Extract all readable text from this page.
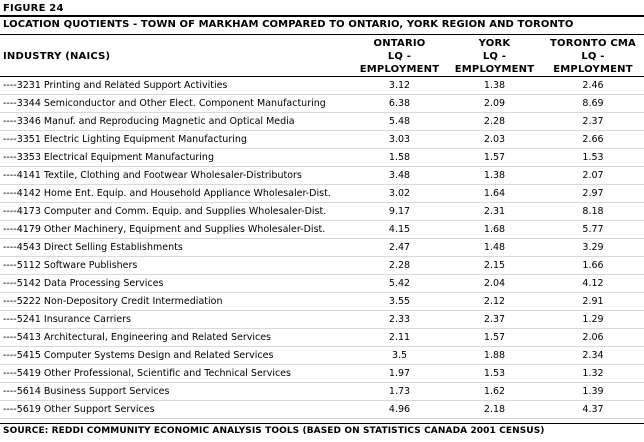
FIGURE 24
LOCATION QUOTIENTS - TOWN OF MARKHAM COMPARED TO ONTARIO, YORK REGION AND TORONTO
	ONTARIO	YORK	TORONTO CMA
INDUSTRY (NAICS)	LQ -	LQ -	LQ -
	EMPLOYMENT	EMPLOYMENT	EMPLOYMENT
----3231 Printing and Related Support Activities	3.12	1.38	2.46
----3344 Semiconductor and Other Elect. Component Manufacturing	6.38	2.09	8.69
----3346 Manuf. and Reproducing Magnetic and Optical Media	5.48	2.28	2.37
----3351 Electric Lighting Equipment Manufacturing	3.03	2.03	2.66
----3353 Electrical Equipment Manufacturing	1.58	1.57	1.53
----4141 Textile, Clothing and Footwear Wholesaler-Distributors	3.48	1.38	2.07
----4142 Home Ent. Equip. and Household Appliance Wholesaler-Dist.	3.02	1.64	2.97
----4173 Computer and Comm. Equip. and Supplies Wholesaler-Dist.	9.17	2.31	8.18
----4179 Other Machinery, Equipment and Supplies Wholesaler-Dist.	4.15	1.68	5.77
----4543 Direct Selling Establishments	2.47	1.48	3.29
----5112 Software Publishers	2.28	2.15	1.66
----5142 Data Processing Services	5.42	2.04	4.12
----5222 Non-Depository Credit Intermediation	3.55	2.12	2.91
----5241 Insurance Carriers	2.33	2.37	1.29
----5413 Architectural, Engineering and Related Services	2.11	1.57	2.06
----5415 Computer Systems Design and Related Services	3.5	1.88	2.34
----5419 Other Professional, Scientific and Technical Services	1.97	1.53	1.32
----5614 Business Support Services	1.73	1.62	1.39
----5619 Other Support Services	4.96	2.18	4.37
SOURCE: REDDI COMMUNITY ECONOMIC ANALYSIS TOOLS (BASED ON STATISTICS CANADA 2001 CENSUS)
